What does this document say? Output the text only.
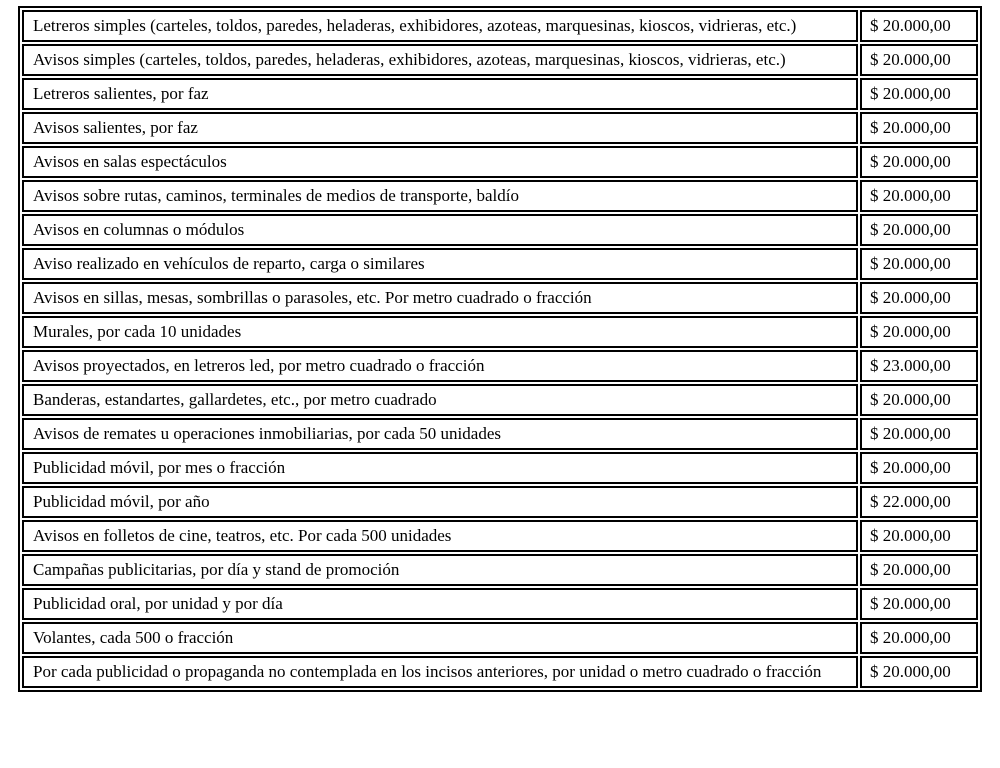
Letreros simples (carteles, toldos, paredes, heladeras, exhibidores, azoteas, marquesinas, kioscos, vidrieras, etc.)	$ 20.000,00
Avisos simples (carteles, toldos, paredes, heladeras, exhibidores, azoteas, marquesinas, kioscos, vidrieras, etc.)	$ 20.000,00
Letreros salientes, por faz	$ 20.000,00
Avisos salientes, por faz	$ 20.000,00
Avisos en salas espectáculos	$ 20.000,00
Avisos sobre rutas, caminos, terminales de medios de transporte, baldío	$ 20.000,00
Avisos en columnas o módulos	$ 20.000,00
Aviso realizado en vehículos de reparto, carga o similares	$ 20.000,00
Avisos en sillas, mesas, sombrillas o parasoles, etc. Por metro cuadrado o fracción	$ 20.000,00
Murales, por cada 10 unidades	$ 20.000,00
Avisos proyectados, en letreros led, por metro cuadrado o fracción	$ 23.000,00
Banderas, estandartes, gallardetes, etc., por metro cuadrado	$ 20.000,00
Avisos de remates u operaciones inmobiliarias, por cada 50 unidades	$ 20.000,00
Publicidad móvil, por mes o fracción	$ 20.000,00
Publicidad móvil, por año	$ 22.000,00
Avisos en folletos de cine, teatros, etc. Por cada 500 unidades	$ 20.000,00
Campañas publicitarias, por día y stand de promoción	$ 20.000,00
Publicidad oral, por unidad y por día	$ 20.000,00
Volantes, cada 500 o fracción	$ 20.000,00
Por cada publicidad o propaganda no contemplada en los incisos anteriores, por unidad o metro cuadrado o fracción	$ 20.000,00
